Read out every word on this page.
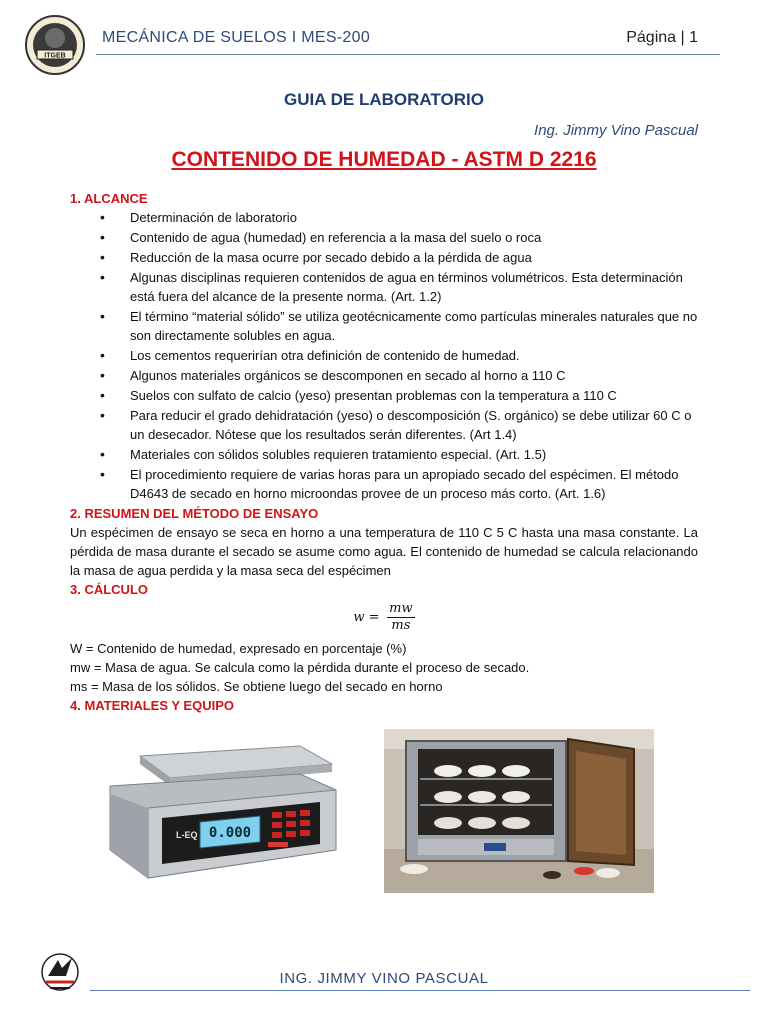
ITGEB
MECÁNICA DE SUELOS I MES-200	Página | 1
GUIA DE LABORATORIO
Ing. Jimmy Vino Pascual
CONTENIDO DE HUMEDAD - ASTM D 2216

1. ALCANCE

• Determinación de laboratorio
• Contenido de agua (humedad) en referencia a la masa del suelo o roca
• Reducción de la masa ocurre por secado debido a la pérdida de agua
• Algunas disciplinas requieren contenidos de agua en términos volumétricos. Esta determinación está fuera del alcance de la presente norma. (Art. 1.2)
• El término “material sólido” se utiliza geotécnicamente como partículas minerales naturales que no son directamente solubles en agua.
• Los cementos requerirían otra definición de contenido de humedad.
• Algunos materiales orgánicos se descomponen en secado al horno a 110 C
• Suelos con sulfato de calcio (yeso) presentan problemas con la temperatura a 110 C
• Para reducir el grado dehidratación (yeso) o descomposición (S. orgánico) se debe utilizar 60 C o un desecador. Nótese que los resultados serán diferentes. (Art 1.4)
• Materiales con sólidos solubles requieren tratamiento especial. (Art. 1.5)
• El procedimiento requiere de varias horas para un apropiado secado del espécimen. El método D4643 de secado en horno microondas provee de un proceso más corto. (Art. 1.6)

2. RESUMEN DEL MÉTODO DE ENSAYO

Un espécimen de ensayo se seca en horno a una temperatura de 110 C 5 C hasta una masa constante. La pérdida de masa durante el secado se asume como agua. El contenido de humedad se calcula relacionando la masa de agua perdida y la masa seca del espécimen

3. CÁLCULO

$w = \frac{mw}{ms}$

W = Contenido de humedad, expresado en porcentaje (%)

mw = Masa de agua. Se calcula como la pérdida durante el proceso de secado.

ms = Masa de los sólidos. Se obtiene luego del secado en horno

4. MATERIALES Y EQUIPO

0.000
L-EQ
ING. JIMMY VINO PASCUAL
